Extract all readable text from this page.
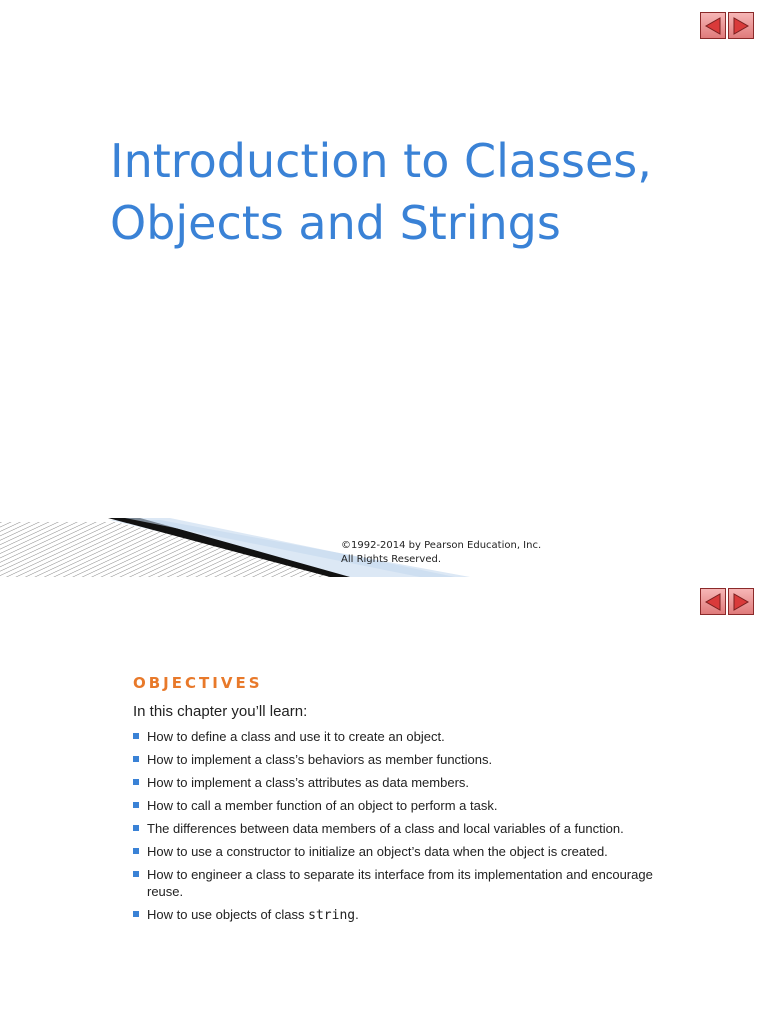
Introduction to Classes,
Objects and Strings
©1992-2014 by Pearson Education, Inc.
All Rights Reserved.
OBJECTIVES
In this chapter you’ll learn:
How to define a class and use it to create an object.
How to implement a class’s behaviors as member functions.
How to implement a class’s attributes as data members.
How to call a member function of an object to perform a task.
The differences between data members of a class and local variables of a function.
How to use a constructor to initialize an object’s data when the object is created.
How to engineer a class to separate its interface from its implementation and encourage reuse.
How to use objects of class string.
